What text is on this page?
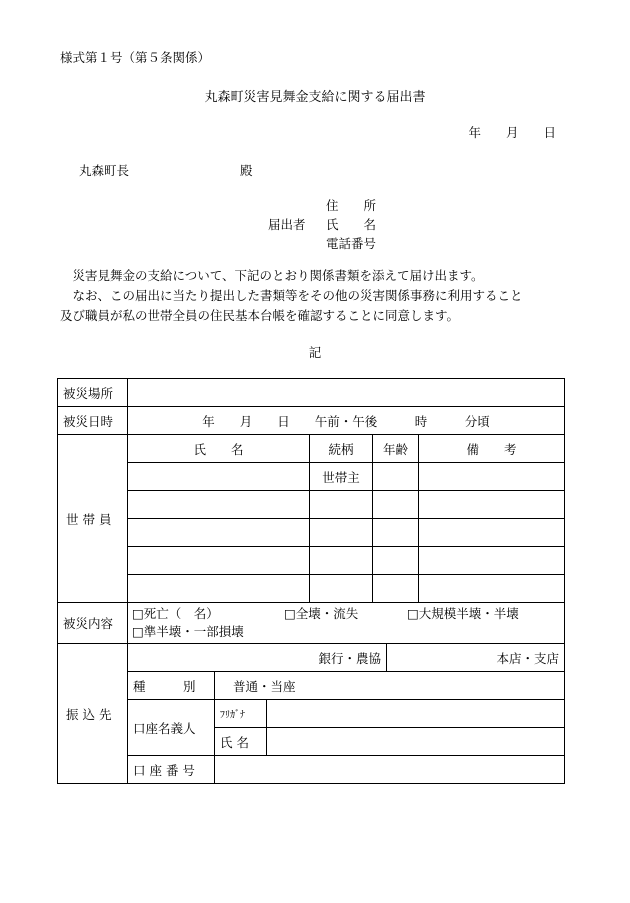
様式第１号（第５条関係）
丸森町災害見舞金支給に関する届出書
年　　月　　日
丸森町長	殿
住　　所
届出者 氏　　名
電話番号

災害見舞金の支給について、下記のとおり関係書類を添えて届け出ます。

なお、この届出に当たり提出した書類等をその他の災害関係事務に利用すること

及び職員が私の世帯全員の住民基本台帳を確認することに同意します。

記
被災場所							
被災日時	年　　月　　日　　午前・午後　　　時　　　分頃						
世 帯 員	氏　　名			続柄	年齢		備　　考
				世帯主			

被災内容	□死亡（　名） □全壊・流失 □大規模半壊・半壊
□準半壊・一部損壊						

振 込 先	銀行・農協					本店・支店	
	種　　　別	普通・当座					
	口座名義人	ﾌﾘｶﾞﾅ					
		氏 名					
	口 座 番 号						
